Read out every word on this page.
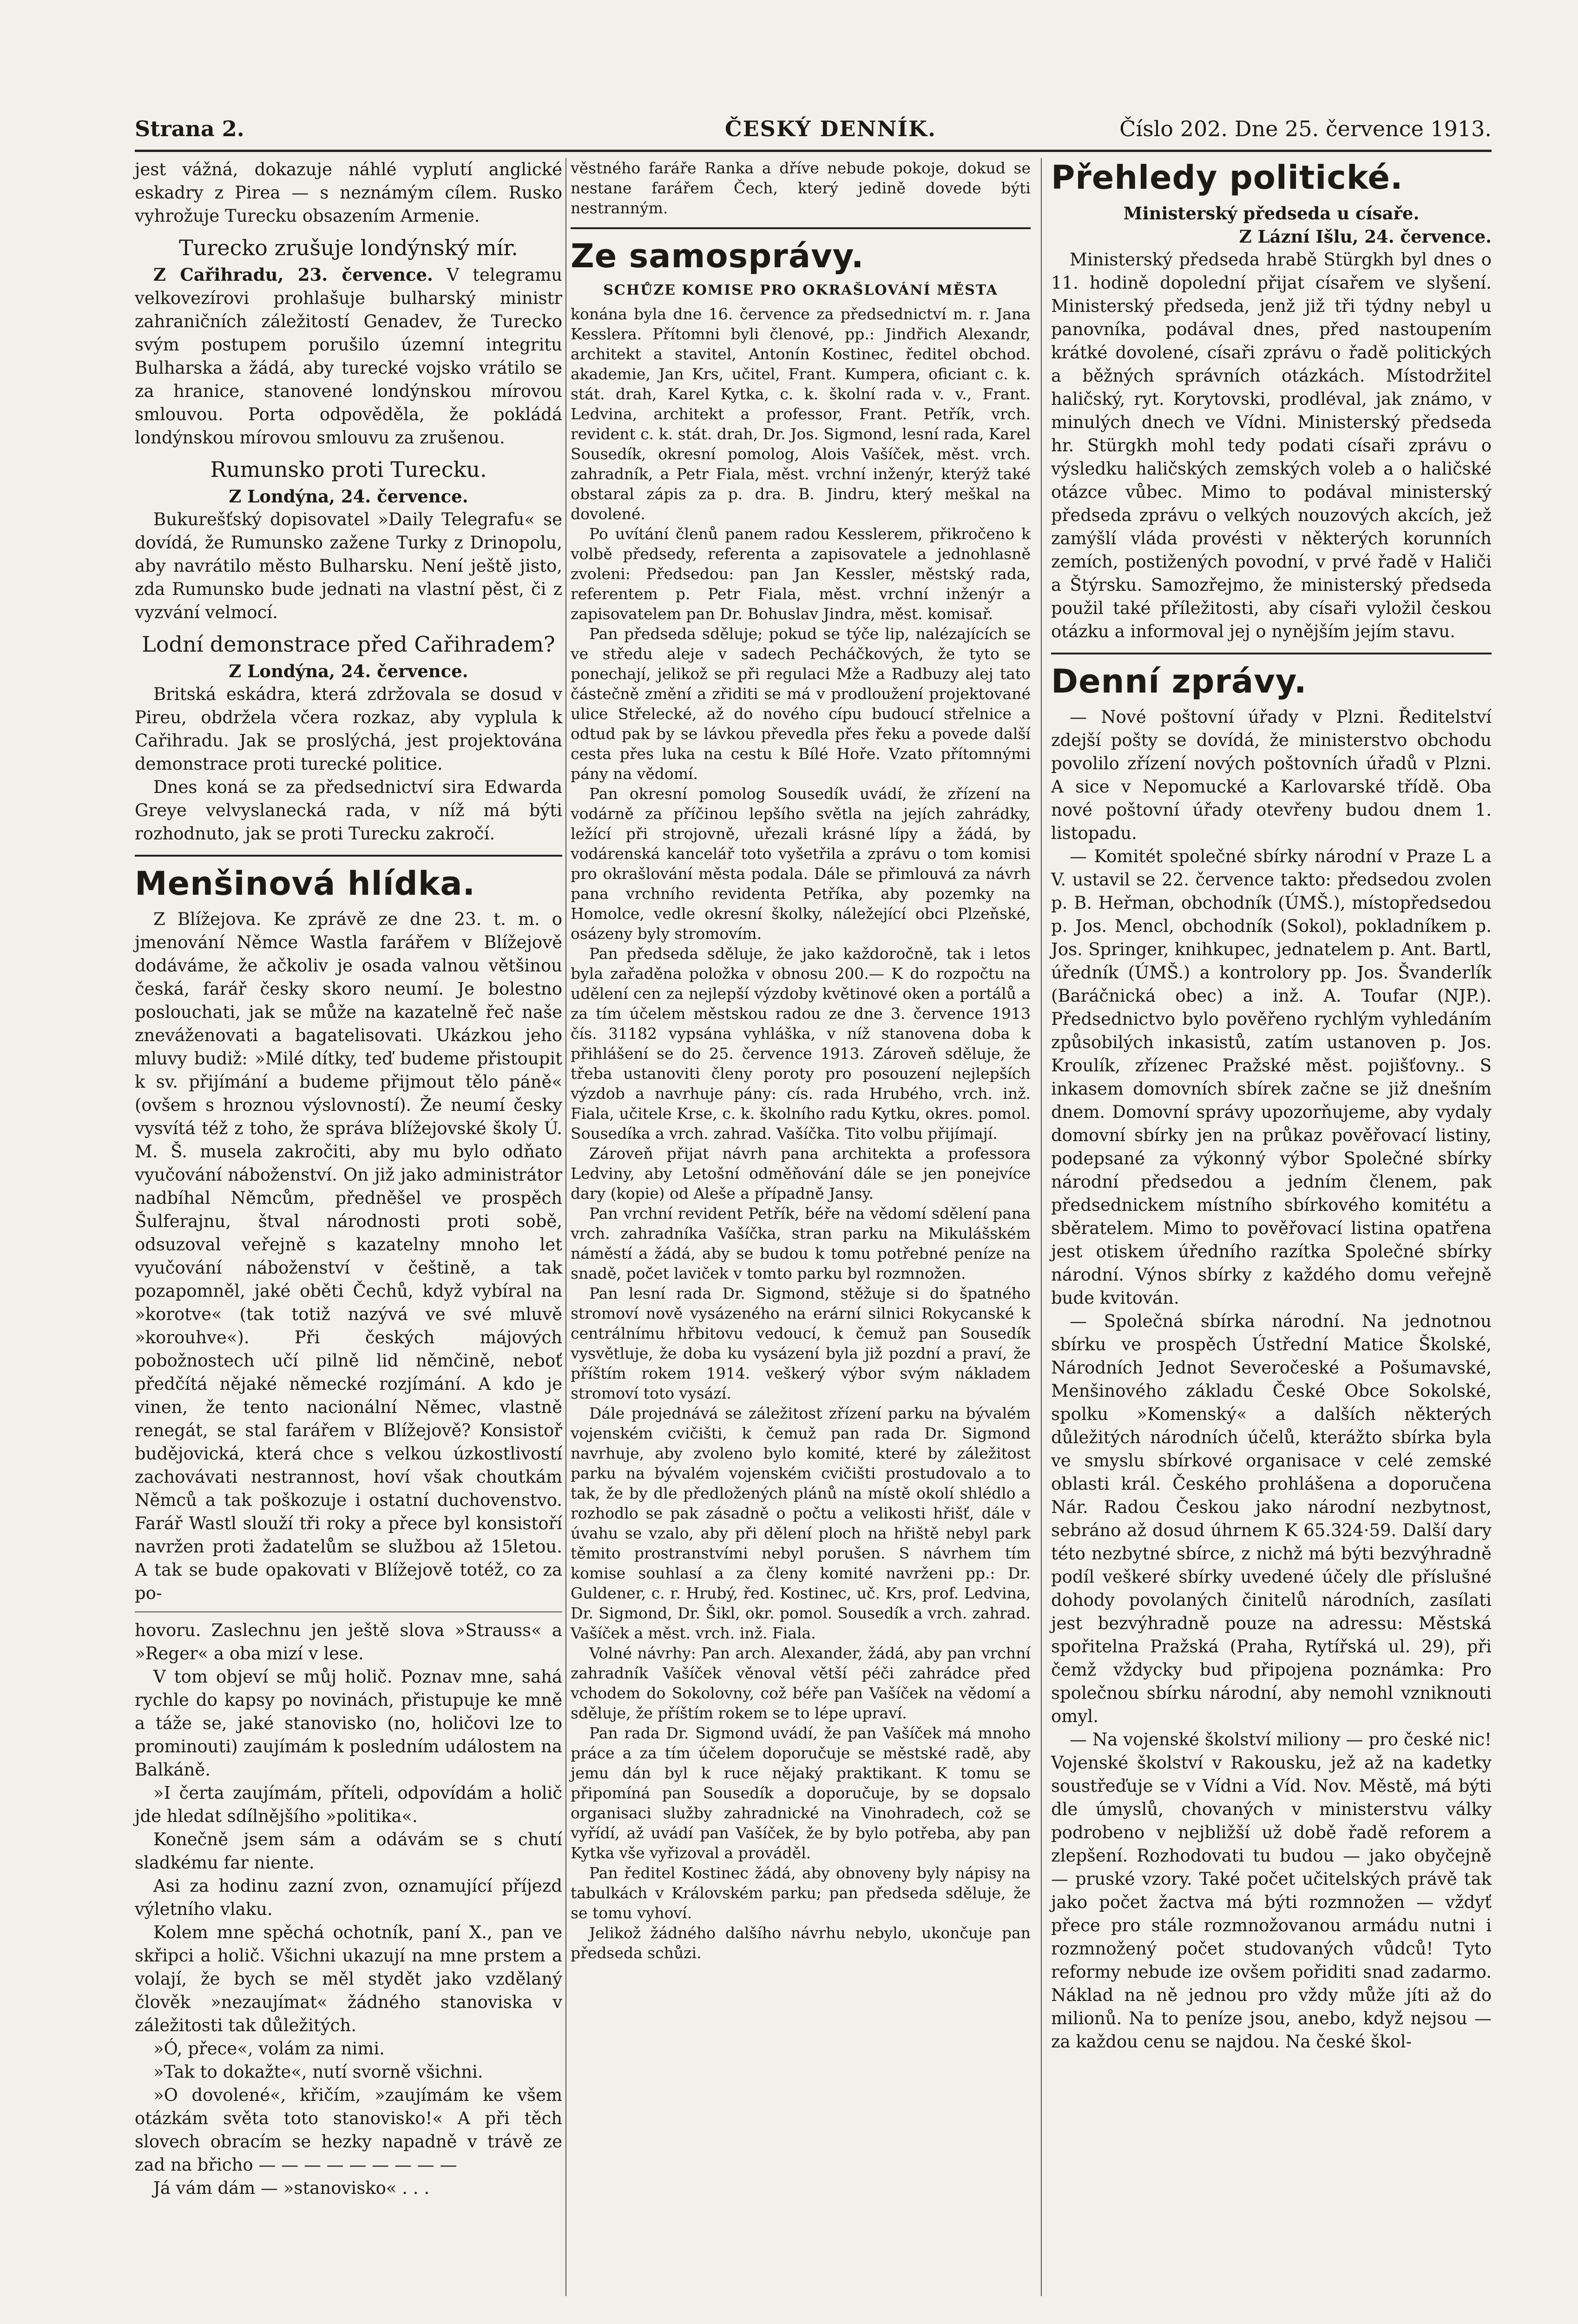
Strana 2.	ČESKÝ DENNÍK.	Číslo 202. Dne 25. července 1913.

jest vážná, dokazuje náhlé vyplutí anglické eskadry z Pirea — s neznámým cílem. Rusko vyhrožuje Turecku obsazením Armenie.

Turecko zrušuje londýnský mír.

Z Cařihradu, 23. července. V telegramu velkovezírovi prohlašuje bulharský ministr zahraničních záležitostí Genadev, že Turecko svým postupem porušilo územní integritu Bulharska a žádá, aby turecké vojsko vrátilo se za hranice, stanovené londýnskou mírovou smlouvou. Porta odpověděla, že pokládá londýnskou mírovou smlouvu za zrušenou.

Rumunsko proti Turecku.
Z Londýna, 24. července.

Bukurešťský dopisovatel »Daily Telegrafu« se dovídá, že Rumunsko zažene Turky z Drinopolu, aby navrátilo město Bulharsku. Není ještě jisto, zda Rumunsko bude jednati na vlastní pěst, či z vyzvání velmocí.

Lodní demonstrace před Cařihradem?
Z Londýna, 24. července.

Britská eskádra, která zdržovala se dosud v Pireu, obdržela včera rozkaz, aby vyplula k Cařihradu. Jak se proslýchá, jest projektována demonstrace proti turecké politice.

Dnes koná se za předsednictví sira Edwarda Greye velvyslanecká rada, v níž má býti rozhodnuto, jak se proti Turecku zakročí.

Menšinová hlídka.

Z Blížejova. Ke zprávě ze dne 23. t. m. o jmenování Němce Wastla farářem v Blížejově dodáváme, že ačkoliv je osada valnou většinou česká, farář česky skoro neumí. Je bolestno poslouchati, jak se může na kazatelně řeč naše zneváženovati a bagatelisovati. Ukázkou jeho mluvy budiž: »Milé dítky, teď budeme přistoupit k sv. přijímání a budeme přijmout tělo páně« (ovšem s hroznou výslovností). Že neumí česky vysvítá též z toho, že správa blížejovské školy Ú. M. Š. musela zakročiti, aby mu bylo odňato vyučování náboženství. On již jako administrátor nadbíhal Němcům, předněšel ve prospěch Šulferajnu, štval národnosti proti sobě, odsuzoval veřejně s kazatelny mnoho let vyučování náboženství v češtině, a tak pozapomněl, jaké oběti Čechů, když vybíral na »korotve« (tak totiž nazývá ve své mluvě »korouhve«). Při českých májových pobožnostech učí pilně lid němčině, neboť předčítá nějaké německé rozjímání. A kdo je vinen, že tento nacionální Němec, vlastně renegát, se stal farářem v Blížejově? Konsistoř budějovická, která chce s velkou úzkostlivostí zachovávati nestrannost, hoví však choutkám Němců a tak poškozuje i ostatní duchovenstvo. Farář Wastl slouží tři roky a přece byl konsistoří navržen proti žadatelům se službou až 15letou. A tak se bude opakovati v Blížejově totéž, co za po-

hovoru. Zaslechnu jen ještě slova »Strauss« a »Reger« a oba mizí v lese.

V tom objeví se můj holič. Poznav mne, sahá rychle do kapsy po novinách, přistupuje ke mně a táže se, jaké stanovisko (no, holičovi lze to prominouti) zaujímám k posledním událostem na Balkáně.

»I čerta zaujímám, příteli, odpovídám a holič jde hledat sdílnějšího »politika«.

Konečně jsem sám a odávám se s chutí sladkému far niente.

Asi za hodinu zazní zvon, oznamující příjezd výletního vlaku.

Kolem mne spěchá ochotník, paní X., pan ve skřipci a holič. Všichni ukazují na mne prstem a volají, že bych se měl stydět jako vzdělaný člověk »nezaujímat« žádného stanoviska v záležitosti tak důležitých.

»Ó, přece«, volám za nimi.

»Tak to dokažte«, nutí svorně všichni.

»O dovolené«, křičím, »zaujímám ke všem otázkám světa toto stanovisko!« A při těch slovech obracím se hezky napadně v trávě ze zad na břicho — — — — — — — — —

Já vám dám — »stanovisko« . . .

věstného faráře Ranka a dříve nebude pokoje, dokud se nestane farářem Čech, který jedině dovede býti nestranným.

Ze samosprávy.
SCHŮZE KOMISE PRO OKRAŠLOVÁNÍ MĚSTA

konána byla dne 16. července za předsednictví m. r. Jana Kesslera. Přítomni byli členové, pp.: Jindřich Alexandr, architekt a stavitel, Antonín Kostinec, ředitel obchod. akademie, Jan Krs, učitel, Frant. Kumpera, oficiant c. k. stát. drah, Karel Kytka, c. k. školní rada v. v., Frant. Ledvina, architekt a professor, Frant. Petřík, vrch. revident c. k. stát. drah, Dr. Jos. Sigmond, lesní rada, Karel Sousedík, okresní pomolog, Alois Vašíček, měst. vrch. zahradník, a Petr Fiala, měst. vrchní inženýr, kterýž také obstaral zápis za p. dra. B. Jindru, který meškal na dovolené.

Po uvítání členů panem radou Kesslerem, přikročeno k volbě předsedy, referenta a zapisovatele a jednohlasně zvoleni: Předsedou: pan Jan Kessler, městský rada, referentem p. Petr Fiala, měst. vrchní inženýr a zapisovatelem pan Dr. Bohuslav Jindra, měst. komisař.

Pan předseda sděluje; pokud se týče lip, nalézajících se ve středu aleje v sadech Pecháčkových, že tyto se ponechají, jelikož se při regulaci Mže a Radbuzy alej tato částečně změní a zřiditi se má v prodloužení projektované ulice Střelecké, až do nového cípu budoucí střelnice a odtud pak by se lávkou převedla přes řeku a povede další cesta přes luka na cestu k Bílé Hoře. Vzato přítomnými pány na vědomí.

Pan okresní pomolog Sousedík uvádí, že zřízení na vodárně za příčinou lepšího světla na jejích zahrádky, ležící při strojovně, uřezali krásné lípy a žádá, by vodárenská kancelář toto vyšetřila a zprávu o tom komisi pro okrašlování města podala. Dále se přimlouvá za návrh pana vrchního revidenta Petříka, aby pozemky na Homolce, vedle okresní školky, náležející obci Plzeňské, osázeny byly stromovím.

Pan předseda sděluje, že jako každoročně, tak i letos byla zařaděna položka v obnosu 200.— K do rozpočtu na udělení cen za nejlepší výzdoby květinové oken a portálů a za tím účelem městskou radou ze dne 3. července 1913 čís. 31182 vypsána vyhláška, v níž stanovena doba k přihlášení se do 25. července 1913. Zároveň sděluje, že třeba ustanoviti členy poroty pro posouzení nejlepších výzdob a navrhuje pány: cís. rada Hrubého, vrch. inž. Fiala, učitele Krse, c. k. školního radu Kytku, okres. pomol. Sousedíka a vrch. zahrad. Vašíčka. Tito volbu přijímají.

Zároveň přijat návrh pana architekta a professora Ledviny, aby Letošní odměňování dále se jen ponejvíce dary (kopie) od Aleše a případně Jansy.

Pan vrchní revident Petřík, béře na vědomí sdělení pana vrch. zahradníka Vašíčka, stran parku na Mikulášském náměstí a žádá, aby se budou k tomu potřebné peníze na snadě, počet laviček v tomto parku byl rozmnožen.

Pan lesní rada Dr. Sigmond, stěžuje si do špatného stromoví nově vysázeného na erární silnici Rokycanské k centrálnímu hřbitovu vedoucí, k čemuž pan Sousedík vysvětluje, že doba ku vysázení byla již pozdní a praví, že příštím rokem 1914. veškerý výbor svým nákladem stromoví toto vysází.

Dále projednává se záležitost zřízení parku na bývalém vojenském cvičišti, k čemuž pan rada Dr. Sigmond navrhuje, aby zvoleno bylo komité, které by záležitost parku na bývalém vojenském cvičišti prostudovalo a to tak, že by dle předložených plánů na místě okolí shlédlo a rozhodlo se pak zásadně o počtu a velikosti hřišť, dále v úvahu se vzalo, aby při dělení ploch na hřiště nebyl park těmito prostranstvími nebyl porušen. S návrhem tím komise souhlasí a za členy komité navrženi pp.: Dr. Guldener, c. r. Hrubý, řed. Kostinec, uč. Krs, prof. Ledvina, Dr. Sigmond, Dr. Šikl, okr. pomol. Sousedík a vrch. zahrad. Vašíček a měst. vrch. inž. Fiala.

Volné návrhy: Pan arch. Alexander, žádá, aby pan vrchní zahradník Vašíček věnoval větší péči zahrádce před vchodem do Sokolovny, což béře pan Vašíček na vědomí a sděluje, že příštím rokem se to lépe upraví.

Pan rada Dr. Sigmond uvádí, že pan Vašíček má mnoho práce a za tím účelem doporučuje se městské radě, aby jemu dán byl k ruce nějaký praktikant. K tomu se připomíná pan Sousedík a doporučuje, by se dopsalo organisaci služby zahradnické na Vinohradech, což se vyřídí, až uvádí pan Vašíček, že by bylo potřeba, aby pan Kytka vše vyřizoval a prováděl.

Pan ředitel Kostinec žádá, aby obnoveny byly nápisy na tabulkách v Královském parku; pan předseda sděluje, že se tomu vyhoví.

Jelikož žádného dalšího návrhu nebylo, ukončuje pan předseda schůzi.

Přehledy politické.
Ministerský předseda u císaře.
Z Lázní Išlu, 24. července.

Ministerský předseda hrabě Stürgkh byl dnes o 11. hodině dopolední přijat císařem ve slyšení. Ministerský předseda, jenž již tři týdny nebyl u panovníka, podával dnes, před nastoupením krátké dovolené, císaři zprávu o řadě politických a běžných správních otázkách. Místodržitel haličský, ryt. Korytovski, prodléval, jak známo, v minulých dnech ve Vídni. Ministerský předseda hr. Stürgkh mohl tedy podati císaři zprávu o výsledku haličských zemských voleb a o haličské otázce vůbec. Mimo to podával ministerský předseda zprávu o velkých nouzových akcích, jež zamýšlí vláda provésti v některých korunních zemích, postižených povodní, v prvé řadě v Haliči a Štýrsku. Samozřejmo, že ministerský předseda použil také příležitosti, aby císaři vyložil českou otázku a informoval jej o nynějším jejím stavu.

Denní zprávy.

— Nové poštovní úřady v Plzni. Ředitelství zdejší pošty se dovídá, že ministerstvo obchodu povolilo zřízení nových poštovních úřadů v Plzni. A sice v Nepomucké a Karlovarské třídě. Oba nové poštovní úřady otevřeny budou dnem 1. listopadu.

— Komitét společné sbírky národní v Praze L a V. ustavil se 22. července takto: předsedou zvolen p. B. Heřman, obchodník (ÚMŠ.), místopředsedou p. Jos. Mencl, obchodník (Sokol), pokladníkem p. Jos. Springer, knihkupec, jednatelem p. Ant. Bartl, úředník (ÚMŠ.) a kontrolory pp. Jos. Švanderlík (Baráčnická obec) a inž. A. Toufar (NJP.). Předsednictvo bylo pověřeno rychlým vyhledáním způsobilých inkasistů, zatím ustanoven p. Jos. Kroulík, zřízenec Pražské měst. pojišťovny.. S inkasem domovních sbírek začne se již dnešním dnem. Domovní správy upozorňujeme, aby vydaly domovní sbírky jen na průkaz pověřovací listiny, podepsané za výkonný výbor Společné sbírky národní předsedou a jedním členem, pak předsednickem místního sbírkového komitétu a sběratelem. Mimo to pověřovací listina opatřena jest otiskem úředního razítka Společné sbírky národní. Výnos sbírky z každého domu veřejně bude kvitován.

— Společná sbírka národní. Na jednotnou sbírku ve prospěch Ústřední Matice Školské, Národních Jednot Severočeské a Pošumavské, Menšinového základu České Obce Sokolské, spolku »Komenský« a dalších některých důležitých národních účelů, kterážto sbírka byla ve smyslu sbírkové organisace v celé zemské oblasti král. Českého prohlášena a doporučena Nár. Radou Českou jako národní nezbytnost, sebráno až dosud úhrnem K 65.324·59. Další dary této nezbytné sbírce, z nichž má býti bezvýhradně podíl veškeré sbírky uvedené účely dle příslušné dohody povolaných činitelů národních, zasílati jest bezvýhradně pouze na adressu: Městská spořitelna Pražská (Praha, Rytířská ul. 29), při čemž vždycky bud připojena poznámka: Pro společnou sbírku národní, aby nemohl vzniknouti omyl.

— Na vojenské školství miliony — pro české nic! Vojenské školství v Rakousku, jež až na kadetky soustřeďuje se v Vídni a Víd. Nov. Městě, má býti dle úmyslů, chovaných v ministerstvu války podrobeno v nejbližší už době řadě reforem a zlepšení. Rozhodovati tu budou — jako obyčejně — pruské vzory. Také počet učitelských právě tak jako počet žactva má býti rozmnožen — vždyť přece pro stále rozmnožovanou armádu nutni i rozmnožený počet studovaných vůdců! Tyto reformy nebude ize ovšem pořiditi snad zadarmo. Náklad na ně jednou pro vždy může jíti až do milionů. Na to peníze jsou, anebo, když nejsou — za každou cenu se najdou. Na české škol-
